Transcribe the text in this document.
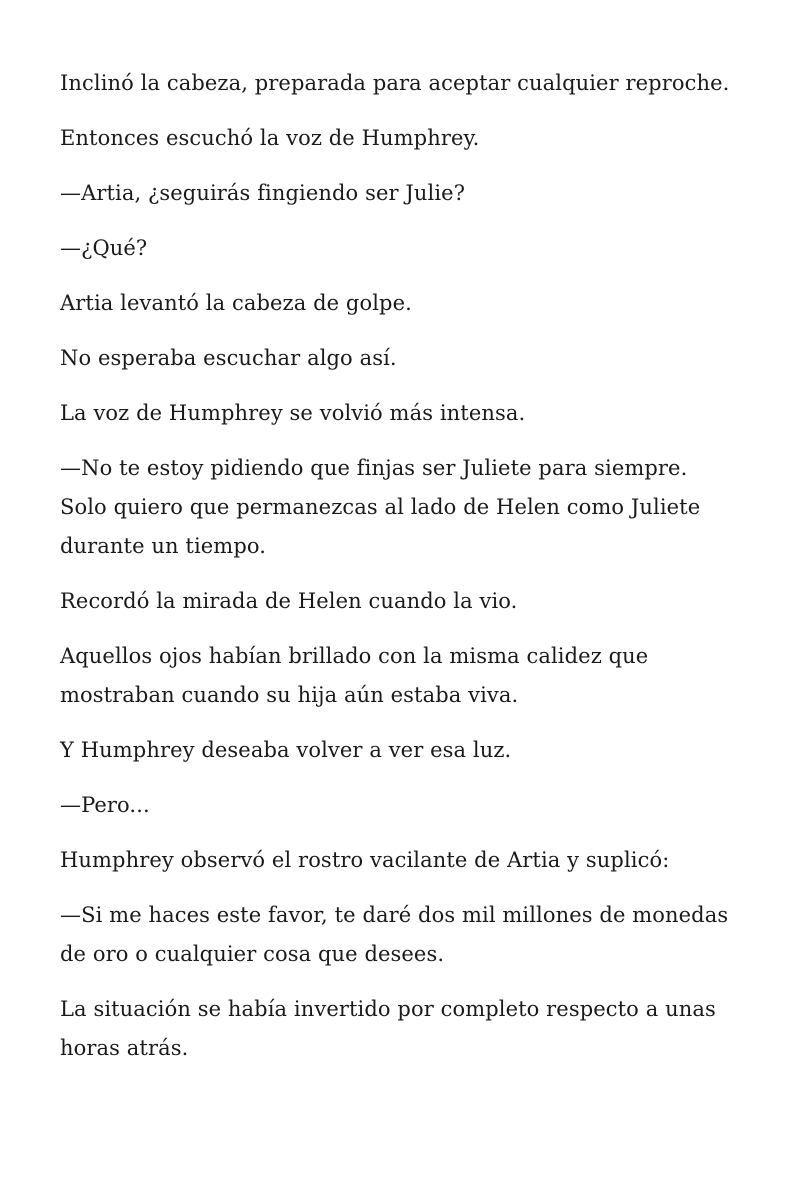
Inclinó la cabeza, preparada para aceptar cualquier reproche.

Entonces escuchó la voz de Humphrey.

—Artia, ¿seguirás fingiendo ser Julie?

—¿Qué?

Artia levantó la cabeza de golpe.

No esperaba escuchar algo así.

La voz de Humphrey se volvió más intensa.

—No te estoy pidiendo que finjas ser Juliete para siempre. Solo quiero que permanezcas al lado de Helen como Juliete durante un tiempo.

Recordó la mirada de Helen cuando la vio.

Aquellos ojos habían brillado con la misma calidez que mostraban cuando su hija aún estaba viva.

Y Humphrey deseaba volver a ver esa luz.

—Pero...

Humphrey observó el rostro vacilante de Artia y suplicó:

—Si me haces este favor, te daré dos mil millones de monedas de oro o cualquier cosa que desees.

La situación se había invertido por completo respecto a unas horas atrás.
